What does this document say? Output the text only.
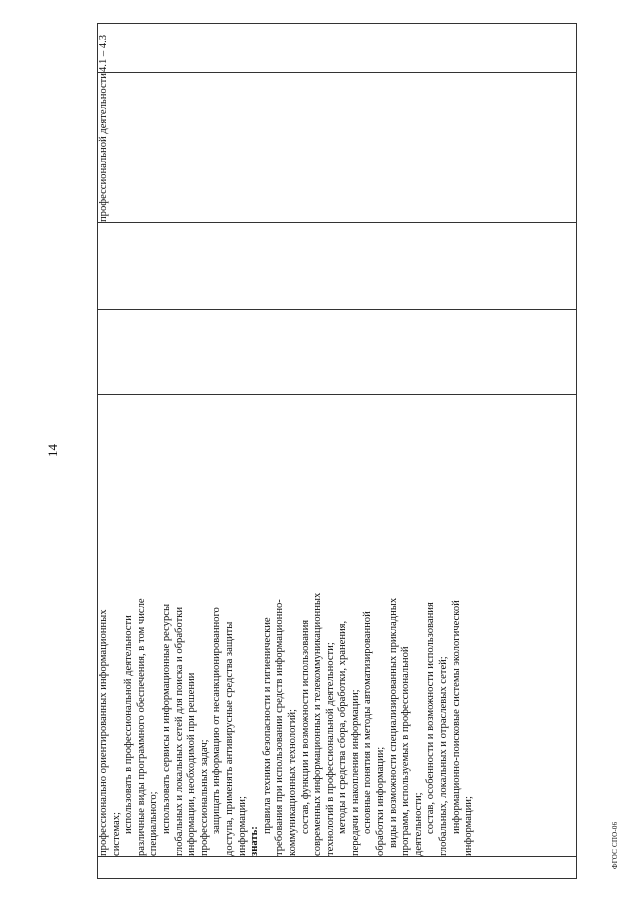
14

профессионально ориентированных информационных системах;
использовать в профессиональной деятельности различные виды программного обеспечения, в том числе специального; использовать сервисы и информационные ресурсы глобальных и локальных сетей для поиска и обработки информации, необходимой при решении профессиональных задач; защищать информацию от несанкционированного доступа, применять антивирусные средства защиты информации; знать:
правила техники безопасности и гигиенические требования при использовании средств информационно- коммуникационных технологий; состав, функции и возможности использования современных информационных и телекоммуникационных технологий в профессиональной деятельности; методы и средства сбора, обработки, хранения, передачи и накопления информации; основные понятия и методы автоматизированной обработки информации; виды и возможности специализированных прикладных программ, используемых в профессиональной деятельности; состав, особенности и возможности использования глобальных, локальных и отраслевых сетей; информационно-поисковые системы экологической информации;
			профессиональной деятельности	4.1 – 4.3
ФГОС СПО-06
